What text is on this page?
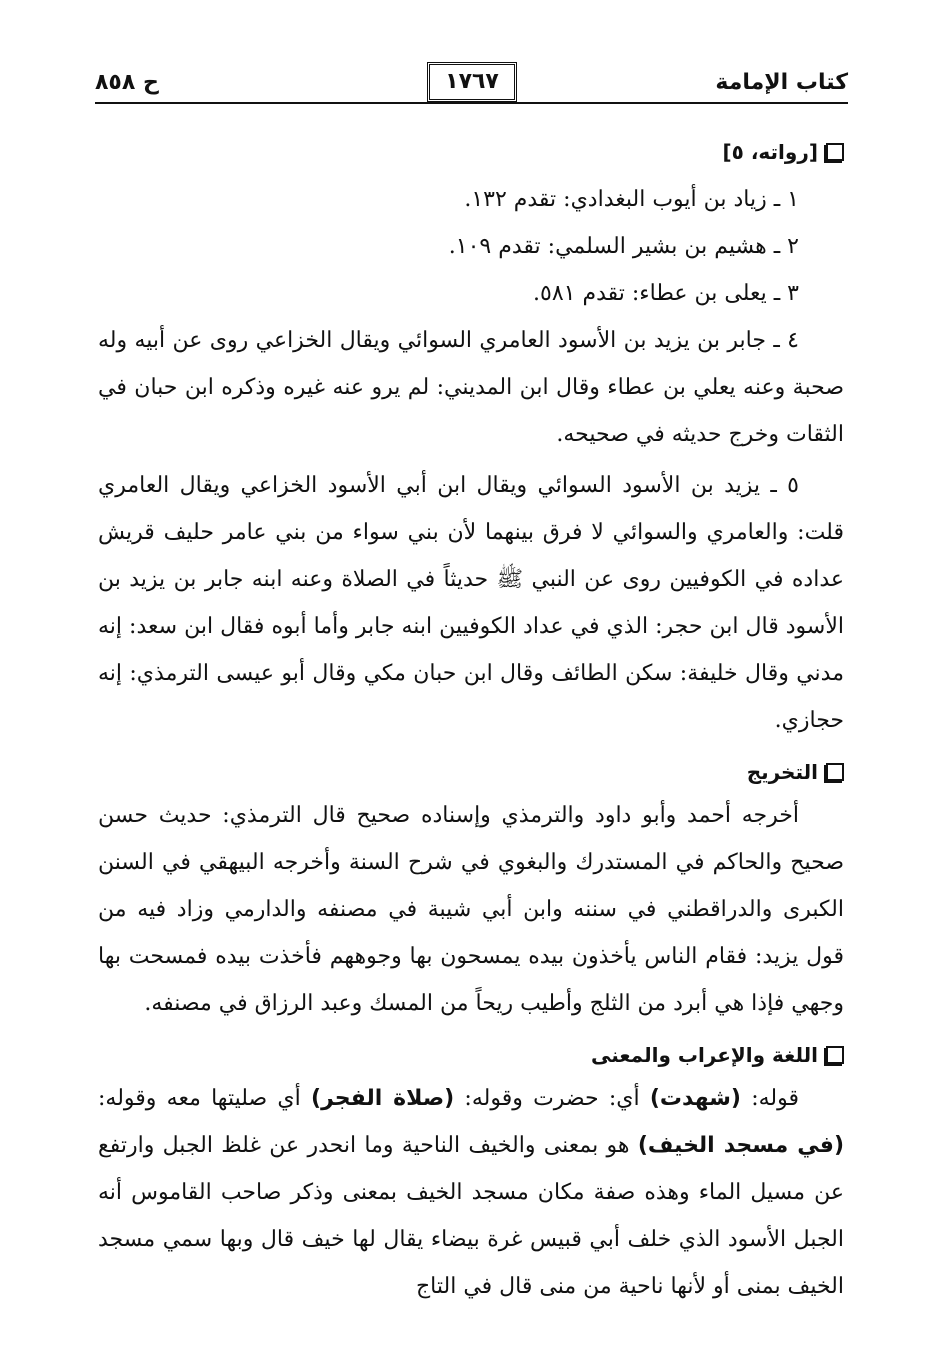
كتاب الإمامة
١٧٦٧
ح ٨٥٨
[رواته، ٥]

١ ـ زياد بن أيوب البغدادي: تقدم ١٣٢.

٢ ـ هشيم بن بشير السلمي: تقدم ١٠٩.

٣ ـ يعلى بن عطاء: تقدم ٥٨١.

٤ ـ جابر بن يزيد بن الأسود العامري السوائي ويقال الخزاعي روى عن أبيه وله صحبة وعنه يعلي بن عطاء وقال ابن المديني: لم يرو عنه غيره وذكره ابن حبان في الثقات وخرج حديثه في صحيحه.

٥ ـ يزيد بن الأسود السوائي ويقال ابن أبي الأسود الخزاعي ويقال العامري قلت: والعامري والسوائي لا فرق بينهما لأن بني سواء من بني عامر حليف قريش عداده في الكوفيين روى عن النبي ﷺ حديثاً في الصلاة وعنه ابنه جابر بن يزيد بن الأسود قال ابن حجر: الذي في عداد الكوفيين ابنه جابر وأما أبوه فقال ابن سعد: إنه مدني وقال خليفة: سكن الطائف وقال ابن حبان مكي وقال أبو عيسى الترمذي: إنه حجازي.

التخريج

أخرجه أحمد وأبو داود والترمذي وإسناده صحيح قال الترمذي: حديث حسن صحيح والحاكم في المستدرك والبغوي في شرح السنة وأخرجه البيهقي في السنن الكبرى والدراقطني في سننه وابن أبي شيبة في مصنفه والدارمي وزاد فيه من قول يزيد: فقام الناس يأخذون بيده يمسحون بها وجوههم فأخذت بيده فمسحت بها وجهي فإذا هي أبرد من الثلج وأطيب ريحاً من المسك وعبد الرزاق في مصنفه.

اللغة والإعراب والمعنى

قوله: (شهدت) أي: حضرت وقوله: (صلاة الفجر) أي صليتها معه وقوله: (في مسجد الخيف) هو بمعنى والخيف الناحية وما انحدر عن غلظ الجبل وارتفع عن مسيل الماء وهذه صفة مكان مسجد الخيف بمعنى وذكر صاحب القاموس أنه الجبل الأسود الذي خلف أبي قبيس غرة بيضاء يقال لها خيف قال وبها سمي مسجد الخيف بمنى أو لأنها ناحية من منى قال في التاج
